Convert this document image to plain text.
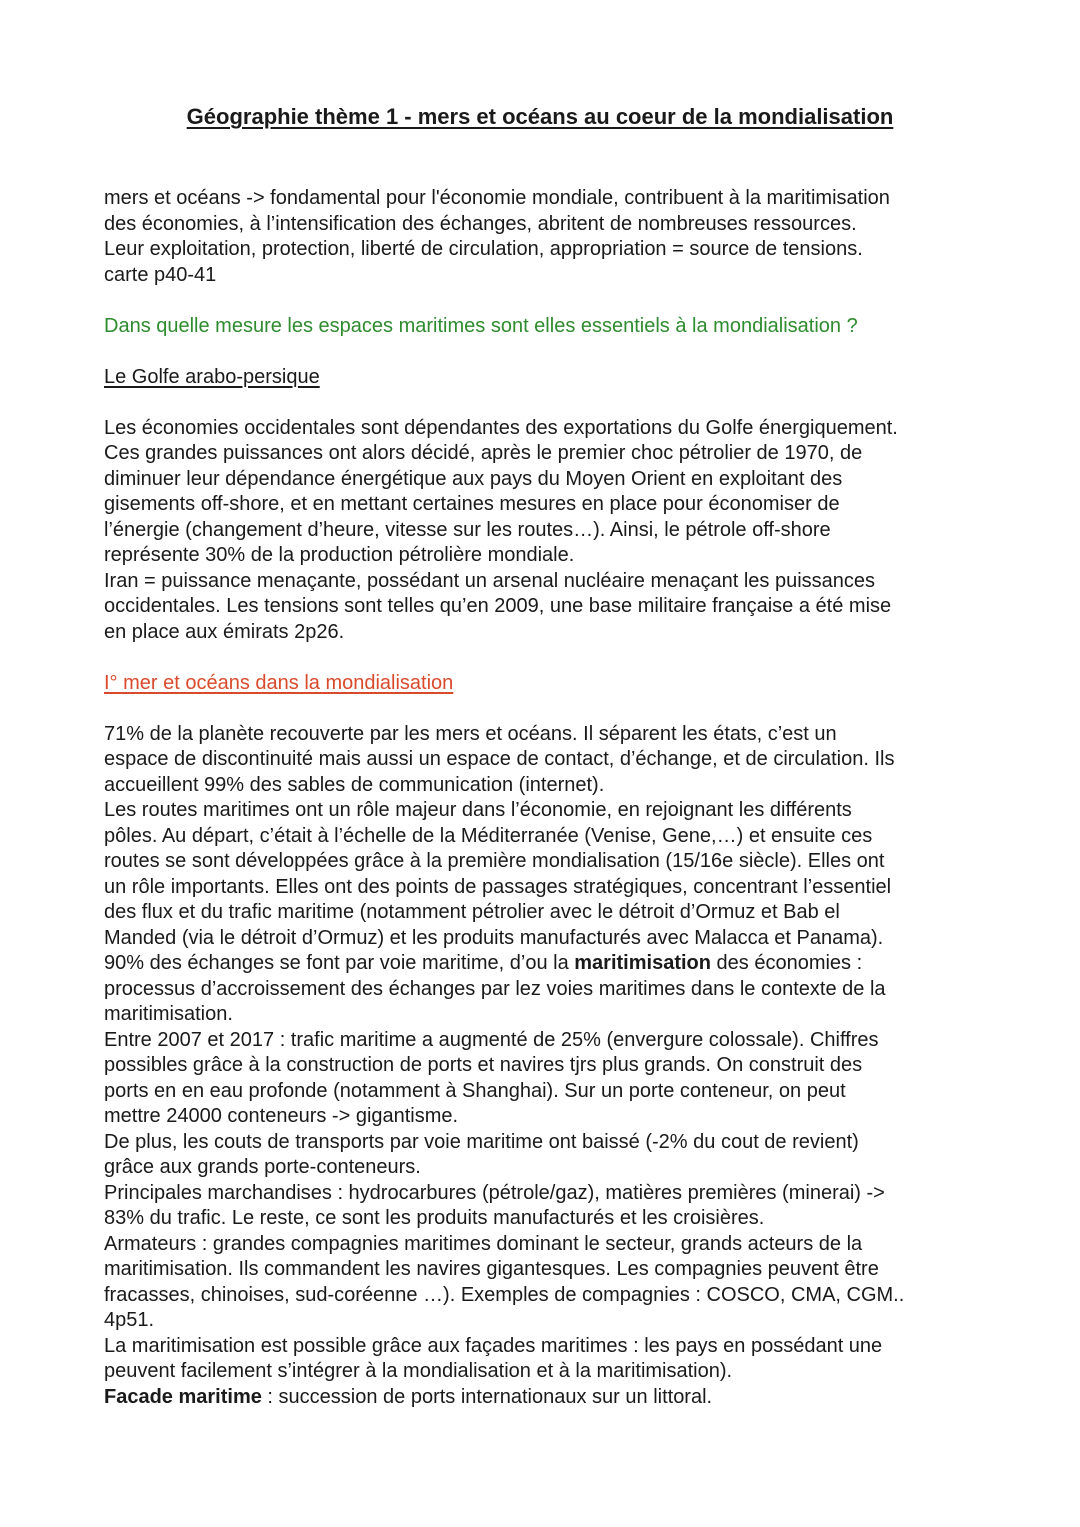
Géographie thème 1 - mers et océans au coeur de la mondialisation

mers et océans -> fondamental pour l'économie mondiale, contribuent à la maritimisation

des économies, à l’intensification des échanges, abritent de nombreuses ressources.

Leur exploitation, protection, liberté de circulation, appropriation = source de tensions.

carte p40-41

Dans quelle mesure les espaces maritimes sont elles essentiels à la mondialisation ?

Le Golfe arabo-persique

Les économies occidentales sont dépendantes des exportations du Golfe énergiquement.

Ces grandes puissances ont alors décidé, après le premier choc pétrolier de 1970, de

diminuer leur dépendance énergétique aux pays du Moyen Orient en exploitant des

gisements off-shore, et en mettant certaines mesures en place pour économiser de

l’énergie (changement d’heure, vitesse sur les routes…). Ainsi, le pétrole off-shore

représente 30% de la production pétrolière mondiale.

Iran = puissance menaçante, possédant un arsenal nucléaire menaçant les puissances

occidentales. Les tensions sont telles qu’en 2009, une base militaire française a été mise

en place aux émirats 2p26.

I° mer et océans dans la mondialisation

71% de la planète recouverte par les mers et océans. Il séparent les états, c’est un

espace de discontinuité mais aussi un espace de contact, d’échange, et de circulation. Ils

accueillent 99% des sables de communication (internet).

Les routes maritimes ont un rôle majeur dans l’économie, en rejoignant les différents

pôles. Au départ, c’était à l’échelle de la Méditerranée (Venise, Gene,…) et ensuite ces

routes se sont développées grâce à la première mondialisation (15/16e siècle). Elles ont

un rôle importants. Elles ont des points de passages stratégiques, concentrant l’essentiel

des flux et du trafic maritime (notamment pétrolier avec le détroit d’Ormuz et Bab el

Manded (via le détroit d’Ormuz) et les produits manufacturés avec Malacca et Panama).

90% des échanges se font par voie maritime, d’ou la maritimisation des économies :

processus d’accroissement des échanges par lez voies maritimes dans le contexte de la

maritimisation.

Entre 2007 et 2017 : trafic maritime a augmenté de 25% (envergure colossale). Chiffres

possibles grâce à la construction de ports et navires tjrs plus grands. On construit des

ports en en eau profonde (notamment à Shanghai). Sur un porte conteneur, on peut

mettre 24000 conteneurs -> gigantisme.

De plus, les couts de transports par voie maritime ont baissé (-2% du cout de revient)

grâce aux grands porte-conteneurs.

Principales marchandises : hydrocarbures (pétrole/gaz), matières premières (minerai) ->

83% du trafic. Le reste, ce sont les produits manufacturés et les croisières.

Armateurs : grandes compagnies maritimes dominant le secteur, grands acteurs de la

maritimisation. Ils commandent les navires gigantesques. Les compagnies peuvent être

fracasses, chinoises, sud-coréenne …). Exemples de compagnies : COSCO, CMA, CGM..

4p51.

La maritimisation est possible grâce aux façades maritimes : les pays en possédant une

peuvent facilement s’intégrer à la mondialisation et à la maritimisation).

Facade maritime : succession de ports internationaux sur un littoral.
